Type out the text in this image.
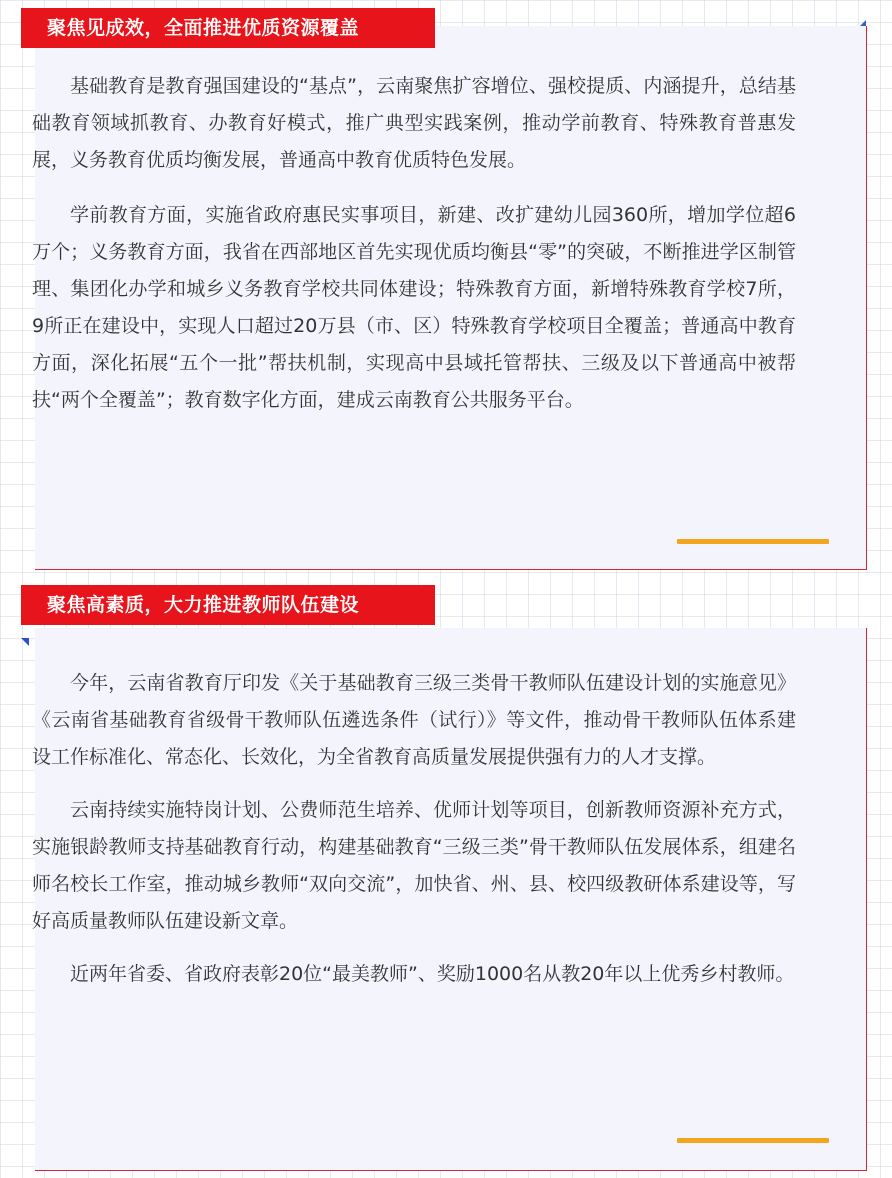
聚焦见成效，全面推进优质资源覆盖
聚焦高素质，大力推进教师队伍建设

基础教育是教育强国建设的“基点”，云南聚焦扩容增位、强校提质、内涵提升，总结基础教育领域抓教育、办教育好模式，推广典型实践案例，推动学前教育、特殊教育普惠发展，义务教育优质均衡发展，普通高中教育优质特色发展。

学前教育方面，实施省政府惠民实事项目，新建、改扩建幼儿园360所，增加学位超6万个；义务教育方面，我省在西部地区首先实现优质均衡县“零”的突破，不断推进学区制管理、集团化办学和城乡义务教育学校共同体建设；特殊教育方面，新增特殊教育学校7所，9所正在建设中，实现人口超过20万县（市、区）特殊教育学校项目全覆盖；普通高中教育方面，深化拓展“五个一批”帮扶机制，实现高中县域托管帮扶、三级及以下普通高中被帮扶“两个全覆盖”；教育数字化方面，建成云南教育公共服务平台。

今年，云南省教育厅印发《关于基础教育三级三类骨干教师队伍建设计划的实施意见》《云南省基础教育省级骨干教师队伍遴选条件（试行）》等文件，推动骨干教师队伍体系建设工作标准化、常态化、长效化，为全省教育高质量发展提供强有力的人才支撑。

云南持续实施特岗计划、公费师范生培养、优师计划等项目，创新教师资源补充方式，实施银龄教师支持基础教育行动，构建基础教育“三级三类”骨干教师队伍发展体系，组建名师名校长工作室，推动城乡教师“双向交流”，加快省、州、县、校四级教研体系建设等，写好高质量教师队伍建设新文章。

近两年省委、省政府表彰20位“最美教师”、奖励1000名从教20年以上优秀乡村教师。
